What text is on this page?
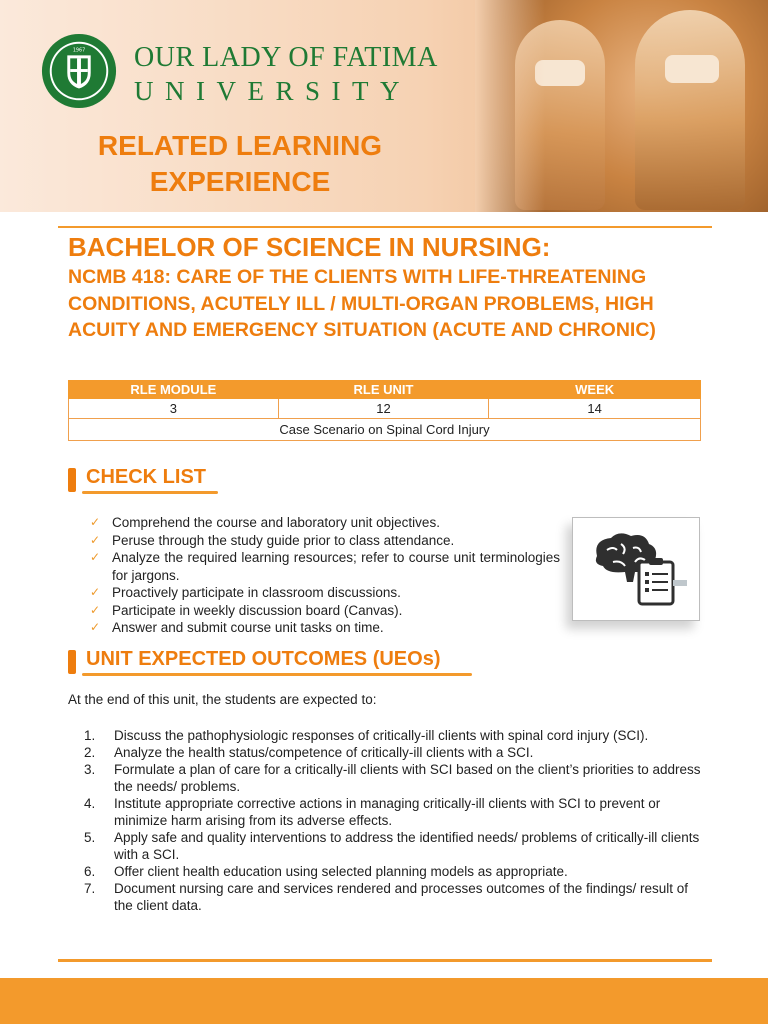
1967 OUR LADY OF FATIMA
UNIVERSITY
RELATED LEARNING
EXPERIENCE
BACHELOR OF SCIENCE IN NURSING:
NCMB 418: CARE OF THE CLIENTS WITH LIFE-THREATENING CONDITIONS, ACUTELY ILL / MULTI-ORGAN PROBLEMS, HIGH ACUITY AND EMERGENCY SITUATION (ACUTE AND CHRONIC)
RLE MODULE	RLE UNIT	WEEK
3	12	14
Case Scenario on Spinal Cord Injury		
CHECK LIST
✓ Comprehend the course and laboratory unit objectives.
✓ Peruse through the study guide prior to class attendance.
✓ Analyze the required learning resources; refer to course unit terminologies for jargons.
✓ Proactively participate in classroom discussions.
✓ Participate in weekly discussion board (Canvas).
✓ Answer and submit course unit tasks on time.
UNIT EXPECTED OUTCOMES (UEOs)
At the end of this unit, the students are expected to:
1. Discuss the pathophysiologic responses of critically-ill clients with spinal cord injury (SCI).
2. Analyze the health status/competence of critically-ill clients with a SCI.
3. Formulate a plan of care for a critically-ill clients with SCI based on the client’s priorities to address the needs/ problems.
4. Institute appropriate corrective actions in managing critically-ill clients with SCI to prevent or minimize harm arising from its adverse effects.
5. Apply safe and quality interventions to address the identified needs/ problems of critically-ill clients with a SCI.
6. Offer client health education using selected planning models as appropriate.
7. Document nursing care and services rendered and processes outcomes of the findings/ result of the client data.
